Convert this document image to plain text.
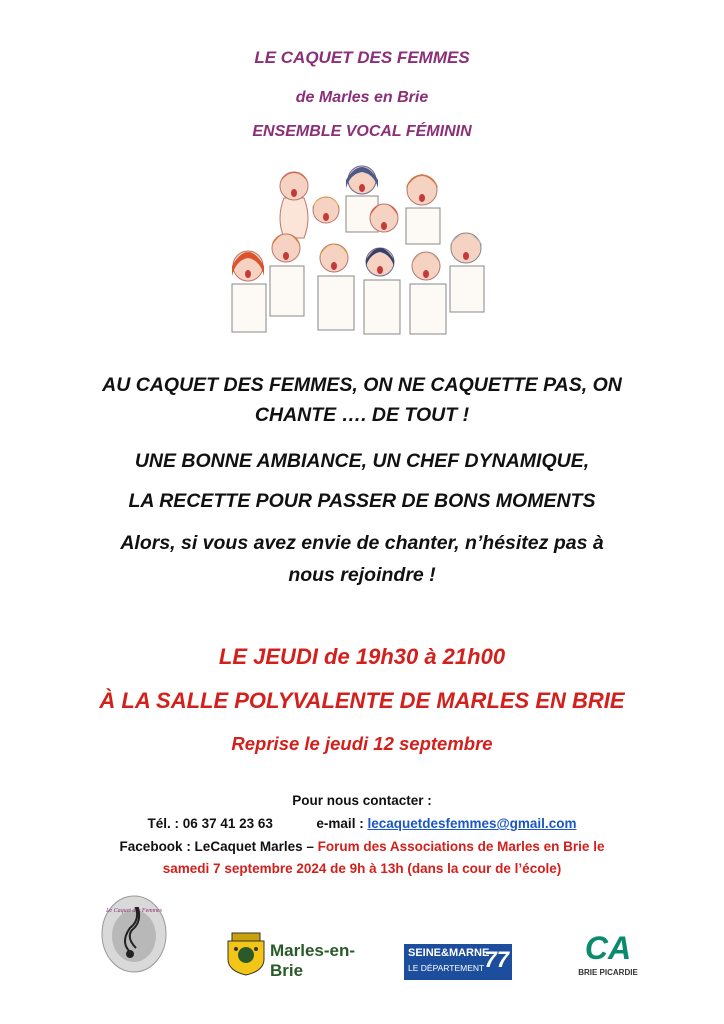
LE CAQUET DES FEMMES
de Marles en Brie
ENSEMBLE VOCAL FÉMININ
AU CAQUET DES FEMMES, ON NE CAQUETTE PAS, ON
CHANTE …. DE TOUT !
UNE BONNE AMBIANCE, UN CHEF DYNAMIQUE,
LA RECETTE POUR PASSER DE BONS MOMENTS
Alors, si vous avez envie de chanter, n’hésitez pas à
nous rejoindre !
LE JEUDI de 19h30 à 21h00
À LA SALLE POLYVALENTE DE MARLES EN BRIE
Reprise le jeudi 12 septembre
Pour nous contacter :
Tél. : 06 37 41 23 63	e-mail : lecaquetdesfemmes@gmail.com
Facebook : LeCaquet Marles – Forum des Associations de Marles en Brie le
samedi 7 septembre 2024 de 9h à 13h (dans la cour de l’école)
Le Caquet des Femmes
Marles-en-Brie
SEINE&MARNE
LE DÉPARTEMENT 77 CA
BRIE PICARDIE
